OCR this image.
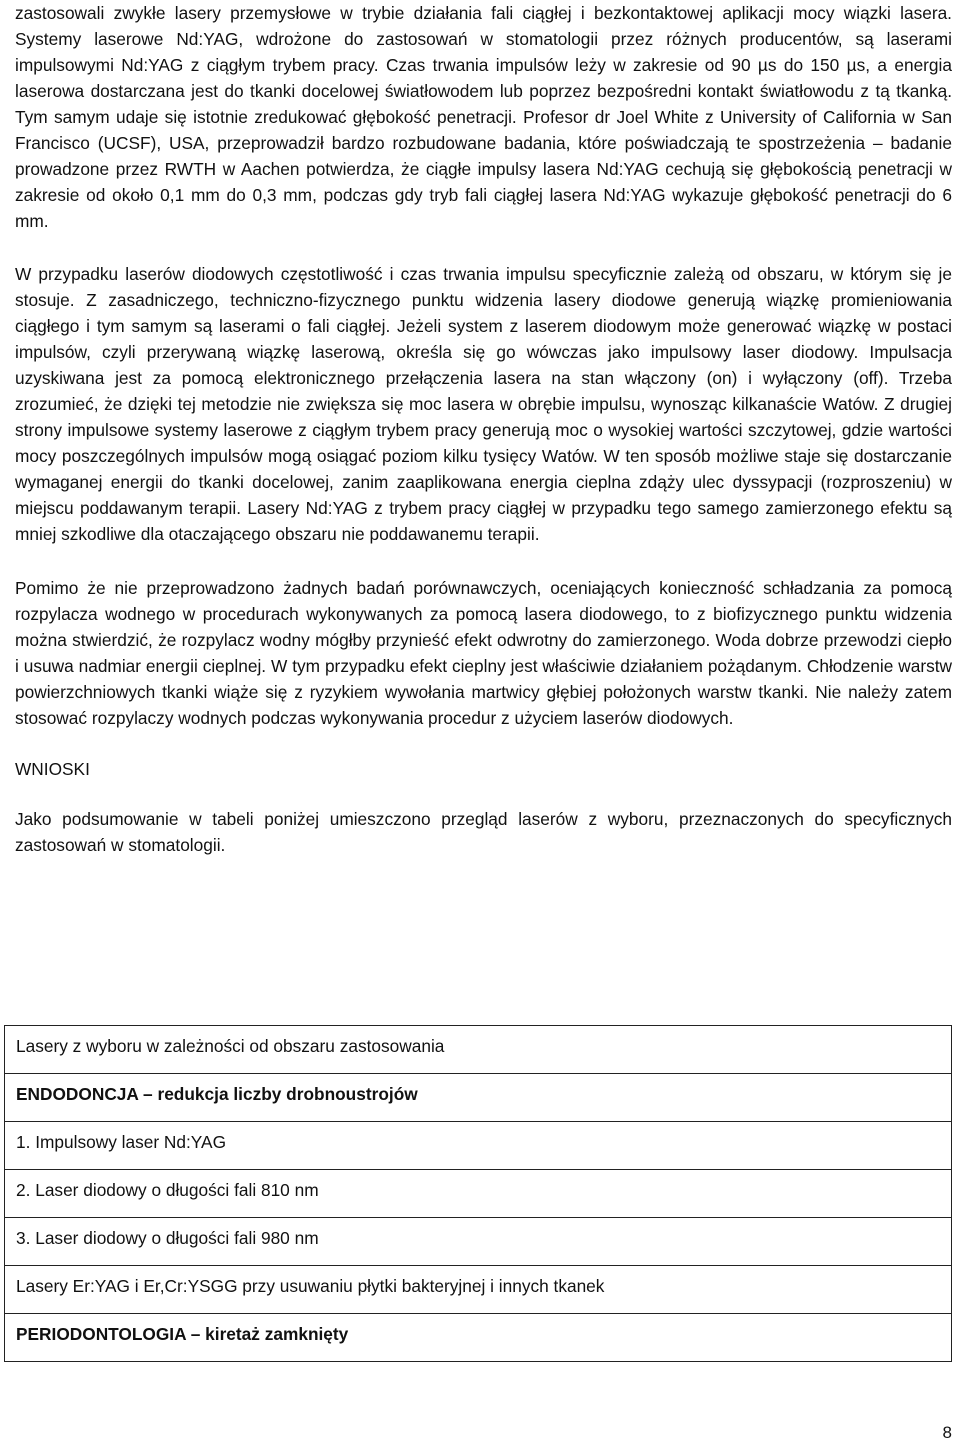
zastosowali zwykłe lasery przemysłowe w trybie działania fali ciągłej i bezkontaktowej aplikacji mocy wiązki lasera. Systemy laserowe Nd:YAG, wdrożone do zastosowań w stomatologii przez różnych producentów, są laserami impulsowymi Nd:YAG z ciągłym trybem pracy. Czas trwania impulsów leży w zakresie od 90 µs do 150 µs, a energia laserowa dostarczana jest do tkanki docelowej światłowodem lub poprzez bezpośredni kontakt światłowodu z tą tkanką. Tym samym udaje się istotnie zredukować głębokość penetracji. Profesor dr Joel White z University of California w San Francisco (UCSF), USA, przeprowadził bardzo rozbudowane badania, które poświadczają te spostrzeżenia – badanie prowadzone przez RWTH w Aachen potwierdza, że ciągłe impulsy lasera Nd:YAG cechują się głębokością penetracji w zakresie od około 0,1 mm do 0,3 mm, podczas gdy tryb fali ciągłej lasera Nd:YAG wykazuje głębokość penetracji do 6 mm.

W przypadku laserów diodowych częstotliwość i czas trwania impulsu specyficznie zależą od obszaru, w którym się je stosuje. Z zasadniczego, techniczno-fizycznego punktu widzenia lasery diodowe generują wiązkę promieniowania ciągłego i tym samym są laserami o fali ciągłej. Jeżeli system z laserem diodowym może generować wiązkę w postaci impulsów, czyli przerywaną wiązkę laserową, określa się go wówczas jako impulsowy laser diodowy. Impulsacja uzyskiwana jest za pomocą elektronicznego przełączenia lasera na stan włączony (on) i wyłączony (off). Trzeba zrozumieć, że dzięki tej metodzie nie zwiększa się moc lasera w obrębie impulsu, wynosząc kilkanaście Watów. Z drugiej strony impulsowe systemy laserowe z ciągłym trybem pracy generują moc o wysokiej wartości szczytowej, gdzie wartości mocy poszczególnych impulsów mogą osiągać poziom kilku tysięcy Watów. W ten sposób możliwe staje się dostarczanie wymaganej energii do tkanki docelowej, zanim zaaplikowana energia cieplna zdąży ulec dyssypacji (rozproszeniu) w miejscu poddawanym terapii. Lasery Nd:YAG z trybem pracy ciągłej w przypadku tego samego zamierzonego efektu są mniej szkodliwe dla otaczającego obszaru nie poddawanemu terapii.

Pomimo że nie przeprowadzono żadnych badań porównawczych, oceniających konieczność schładzania za pomocą rozpylacza wodnego w procedurach wykonywanych za pomocą lasera diodowego, to z biofizycznego punktu widzenia można stwierdzić, że rozpylacz wodny mógłby przynieść efekt odwrotny do zamierzonego. Woda dobrze przewodzi ciepło i usuwa nadmiar energii cieplnej. W tym przypadku efekt cieplny jest właściwie działaniem pożądanym. Chłodzenie warstw powierzchniowych tkanki wiąże się z ryzykiem wywołania martwicy głębiej położonych warstw tkanki. Nie należy zatem stosować rozpylaczy wodnych podczas wykonywania procedur z użyciem laserów diodowych.

WNIOSKI

Jako podsumowanie w tabeli poniżej umieszczono przegląd laserów z wyboru, przeznaczonych do specyficznych zastosowań w stomatologii.

Lasery z wyboru w zależności od obszaru zastosowania
ENDODONCJA – redukcja liczby drobnoustrojów
1. Impulsowy laser Nd:YAG
2. Laser diodowy o długości fali 810 nm
3. Laser diodowy o długości fali 980 nm
Lasery Er:YAG i Er,Cr:YSGG przy usuwaniu płytki bakteryjnej i innych tkanek
PERIODONTOLOGIA – kiretaż zamknięty
8
